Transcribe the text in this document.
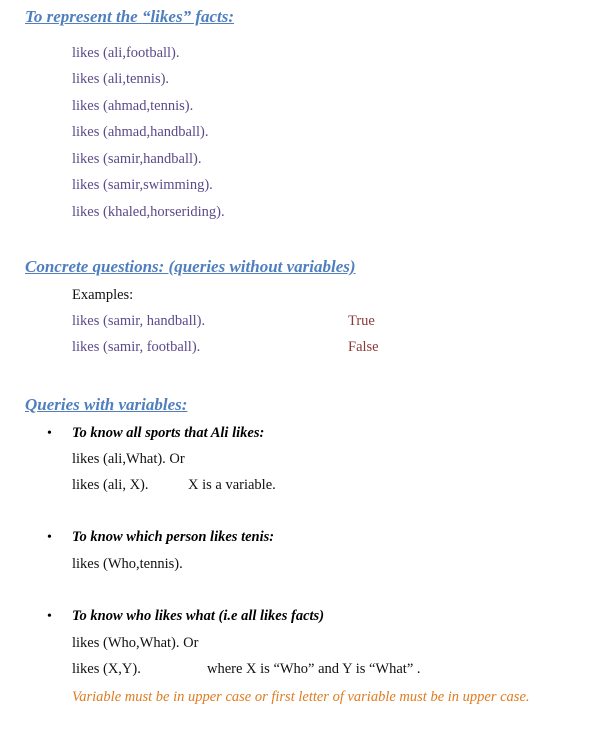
To represent the “likes” facts:
likes (ali,football).
likes (ali,tennis).
likes (ahmad,tennis).
likes (ahmad,handball).
likes (samir,handball).
likes (samir,swimming).
likes (khaled,horseriding).
Concrete questions: (queries without variables)
Examples:
likes (samir, handball).	True
likes (samir, football).	False
Queries with variables:
• To know all sports that Ali likes:
likes (ali,What). Or
likes (ali, X).	X is a variable.
• To know which person likes tenis:
likes (Who,tennis).
• To know who likes what (i.e all likes facts)
likes (Who,What). Or
likes (X,Y).	where X is “Who” and Y is “What” .
Variable must be in upper case or first letter of variable must be in upper case.
